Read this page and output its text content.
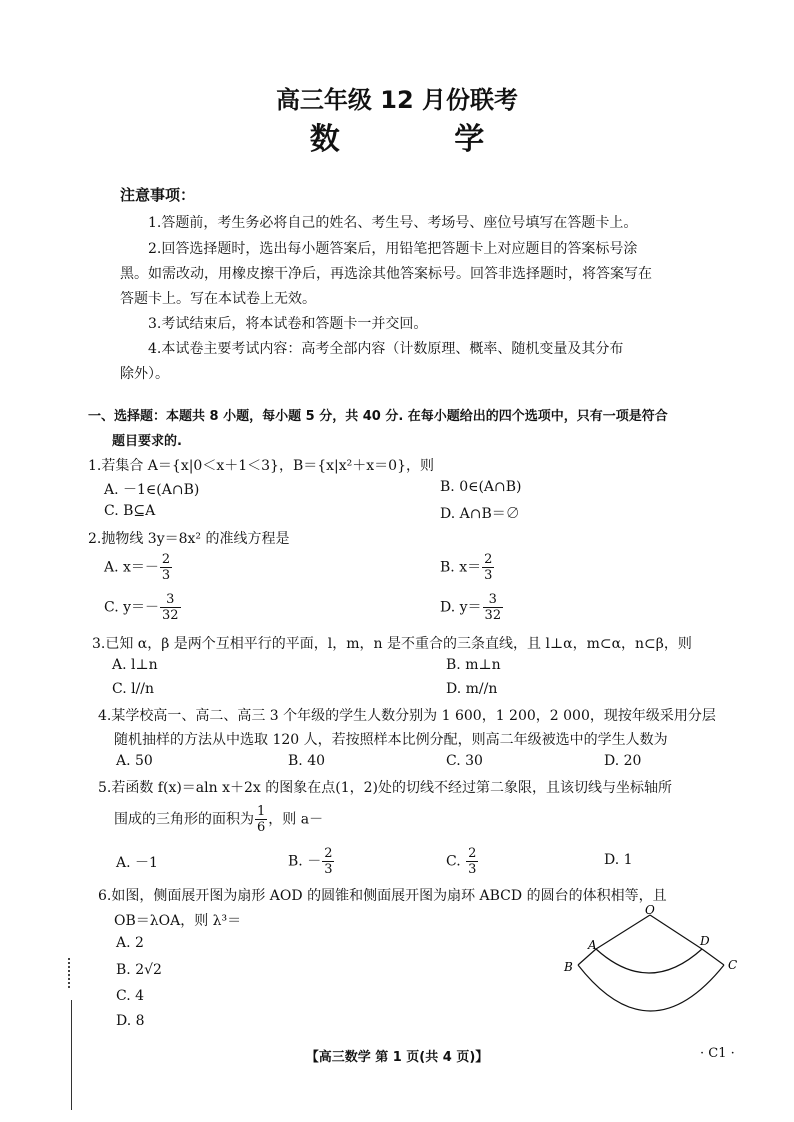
高三年级 12 月份联考
数 学
注意事项：
1.答题前，考生务必将自己的姓名、考生号、考场号、座位号填写在答题卡上。
2.回答选择题时，选出每小题答案后，用铅笔把答题卡上对应题目的答案标号涂
黑。如需改动，用橡皮擦干净后，再选涂其他答案标号。回答非选择题时，将答案写在
答题卡上。写在本试卷上无效。
3.考试结束后，将本试卷和答题卡一并交回。
4.本试卷主要考试内容：高考全部内容（计数原理、概率、随机变量及其分布
除外）。
一、选择题：本题共 8 小题，每小题 5 分，共 40 分. 在每小题给出的四个选项中，只有一项是符合
题目要求的.
1.若集合 A＝{x|0＜x＋1＜3}，B＝{x|x²＋x＝0}，则
A. －1∈(A∩B)	B. 0∈(A∩B)
C. B⊆A	D. A∩B＝∅
2.抛物线 3y＝8x² 的准线方程是
A. $x=- \frac{2}{3}$	B. $x= \frac{2}{3}$
C. $y=- \frac{3}{32}$	D. $y= \frac{3}{32}$
3.已知 α，β 是两个互相平行的平面，l，m，n 是不重合的三条直线，且 l⊥α，m⊂α，n⊂β，则
A. l⊥n	B. m⊥n
C. l//n	D. m//n
4.某学校高一、高二、高三 3 个年级的学生人数分别为 1 600，1 200，2 000，现按年级采用分层
随机抽样的方法从中选取 120 人，若按照样本比例分配，则高二年级被选中的学生人数为
A. 50	B. 40	C. 30	D. 20
5.若函数 f(x)＝aln x＋2x 的图象在点(1，2)处的切线不经过第二象限，且该切线与坐标轴所
围成的三角形的面积为 $\frac{1}{6}$ ，则 a－
A. －1	B. － $\frac{2}{3}$	C. $\frac{2}{3}$	D. 1
6.如图，侧面展开图为扇形 AOD 的圆锥和侧面展开图为扇环 ABCD 的圆台的体积相等，且
OB＝λOA，则 λ³＝
A. 2
B. 2√2
C. 4
D. 8
O
A
B	C
D
【高三数学 第 1 页(共 4 页)】	· C1 ·
